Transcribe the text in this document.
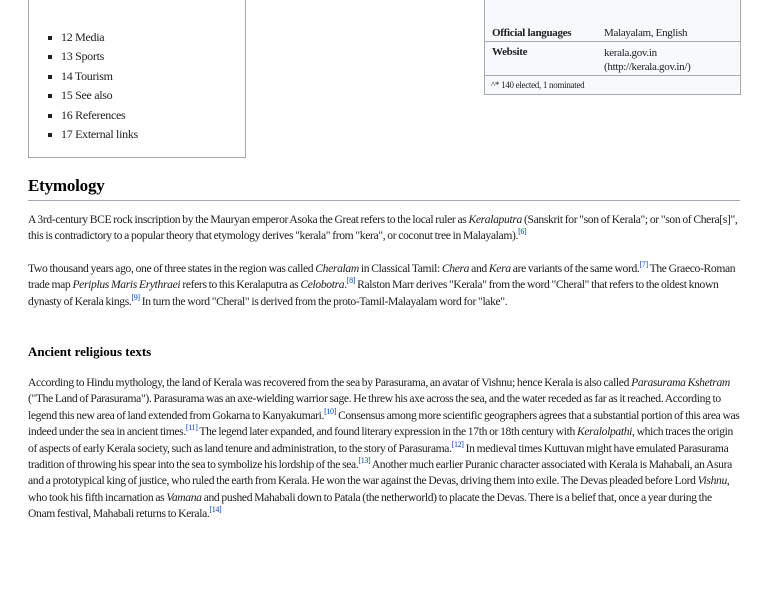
12 Media
13 Sports
14 Tourism
15 See also
16 References
17 External links
Official languages	Malayalam, English
Website	kerala.gov.in
(http://kerala.gov.in/)
^* 140 elected, 1 nominated
Etymology

A 3rd-century BCE rock inscription by the Mauryan emperor Asoka the Great refers to the local ruler as Keralaputra (Sanskrit for "son of Kerala"; or "son of Chera[s]", this is contradictory to a popular theory that etymology derives "kerala" from "kera", or coconut tree in Malayalam).[6]

Two thousand years ago, one of three states in the region was called Cheralam in Classical Tamil: Chera and Kera are variants of the same word.[7] The Graeco-Roman trade map Periplus Maris Erythraei refers to this Keralaputra as Celobotra.[8] Ralston Marr derives "Kerala" from the word "Cheral" that refers to the oldest known dynasty of Kerala kings.[9] In turn the word "Cheral" is derived from the proto-Tamil-Malayalam word for "lake".

Ancient religious texts

According to Hindu mythology, the land of Kerala was recovered from the sea by Parasurama, an avatar of Vishnu; hence Kerala is also called Parasurama Kshetram ("The Land of Parasurama"). Parasurama was an axe-wielding warrior sage. He threw his axe across the sea, and the water receded as far as it reached. According to legend this new area of land extended from Gokarna to Kanyakumari.[10] Consensus among more scientific geographers agrees that a substantial portion of this area was indeed under the sea in ancient times.[11] The legend later expanded, and found literary expression in the 17th or 18th century with Keralolpathi, which traces the origin of aspects of early Kerala society, such as land tenure and administration, to the story of Parasurama.[12] In medieval times Kuttuvan might have emulated Parasurama tradition of throwing his spear into the sea to symbolize his lordship of the sea.[13] Another much earlier Puranic character associated with Kerala is Mahabali, an Asura and a prototypical king of justice, who ruled the earth from Kerala. He won the war against the Devas, driving them into exile. The Devas pleaded before Lord Vishnu, who took his fifth incarnation as Vamana and pushed Mahabali down to Patala (the netherworld) to placate the Devas. There is a belief that, once a year during the Onam festival, Mahabali returns to Kerala.[14]
